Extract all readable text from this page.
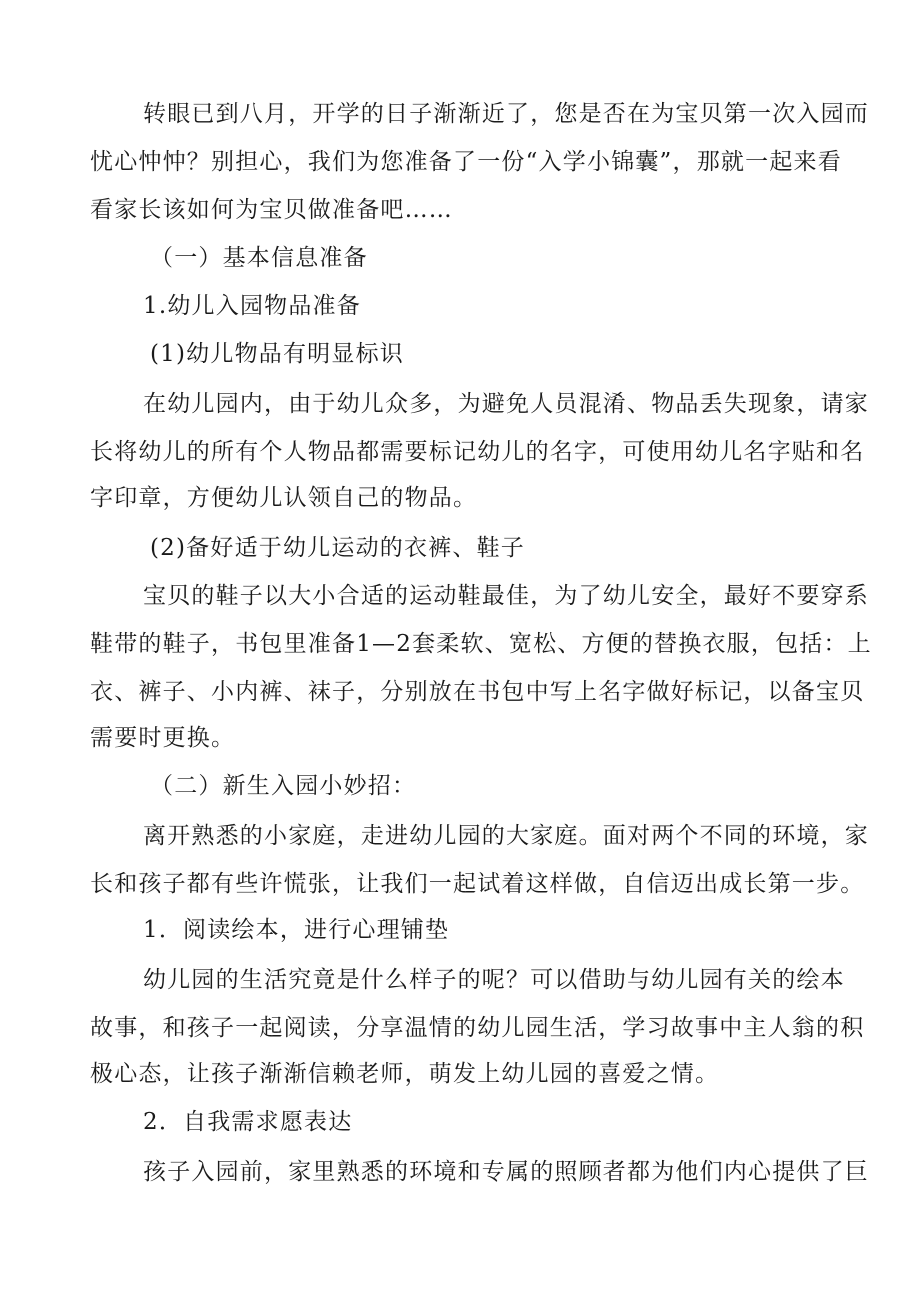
转眼已到八月，开学的日子渐渐近了，您是否在为宝贝第一次入园而
忧心忡忡？别担心，我们为您准备了一份“入学小锦囊”，那就一起来看
看家长该如何为宝贝做准备吧……
（一）基本信息准备
1.幼儿入园物品准备
(1)幼儿物品有明显标识
在幼儿园内，由于幼儿众多，为避免人员混淆、物品丢失现象，请家
长将幼儿的所有个人物品都需要标记幼儿的名字，可使用幼儿名字贴和名
字印章，方便幼儿认领自己的物品。
(2)备好适于幼儿运动的衣裤、鞋子
宝贝的鞋子以大小合适的运动鞋最佳，为了幼儿安全，最好不要穿系
鞋带的鞋子，书包里准备1—2套柔软、宽松、方便的替换衣服，包括：上
衣、裤子、小内裤、袜子，分别放在书包中写上名字做好标记，以备宝贝
需要时更换。
（二）新生入园小妙招：
离开熟悉的小家庭，走进幼儿园的大家庭。面对两个不同的环境，家
长和孩子都有些许慌张，让我们一起试着这样做，自信迈出成长第一步。
1．阅读绘本，进行心理铺垫
幼儿园的生活究竟是什么样子的呢？可以借助与幼儿园有关的绘本
故事，和孩子一起阅读，分享温情的幼儿园生活，学习故事中主人翁的积
极心态，让孩子渐渐信赖老师，萌发上幼儿园的喜爱之情。
2．自我需求愿表达
孩子入园前，家里熟悉的环境和专属的照顾者都为他们内心提供了巨
